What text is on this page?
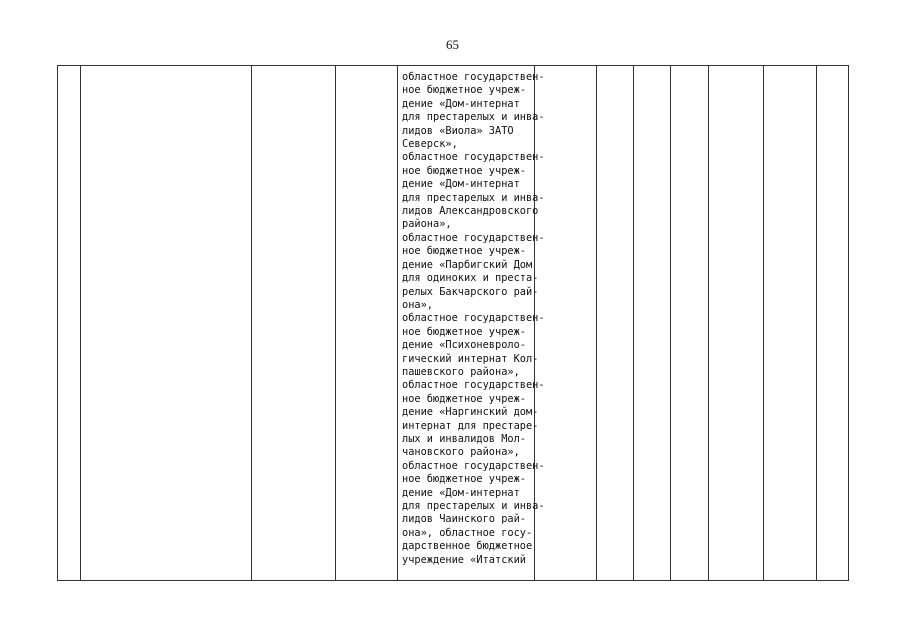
65
областное государствен-
ное бюджетное учреж-
дение «Дом-интернат
для престарелых и инва-
лидов «Виола» ЗАТО
Северск»,
областное государствен-
ное бюджетное учреж-
дение «Дом-интернат
для престарелых и инва-
лидов Александровского
района»,
областное государствен-
ное бюджетное учреж-
дение «Парбигский Дом
для одиноких и преста-
релых Бакчарского рай-
она»,
областное государствен-
ное бюджетное учреж-
дение «Психоневроло-
гический интернат Кол-
пашевского района»,
областное государствен-
ное бюджетное учреж-
дение «Наргинский дом-
интернат для престаре-
лых и инвалидов Мол-
чановского района»,
областное государствен-
ное бюджетное учреж-
дение «Дом-интернат
для престарелых и инва-
лидов Чаинского рай-
она», областное госу-
дарственное бюджетное
учреждение «Итатский
